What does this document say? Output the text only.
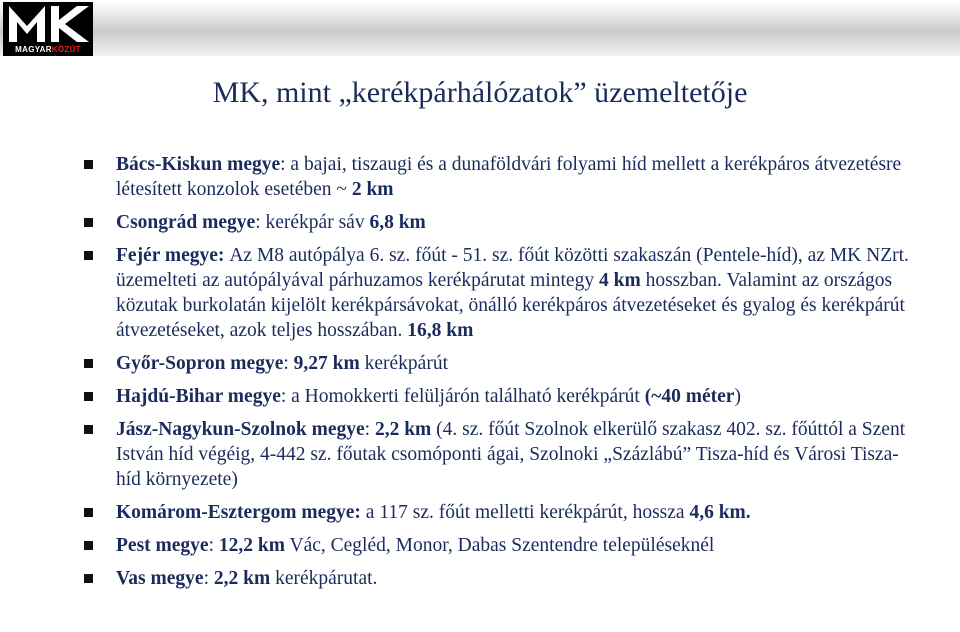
MAGYARKÖZÚT
MK, mint „kerékpárhálózatok” üzemeltetője
Bács-Kiskun megye: a bajai, tiszaugi és a dunaföldvári folyami híd mellett a kerékpáros átvezetésre létesített konzolok esetében ~ 2 km
Csongrád megye: kerékpár sáv 6,8 km
Fejér megye: Az M8 autópálya 6. sz. főút - 51. sz. főút közötti szakaszán (Pentele-híd), az MK NZrt. üzemelteti az autópályával párhuzamos kerékpárutat mintegy 4 km hosszban. Valamint az országos közutak burkolatán kijelölt kerékpársávokat, önálló kerékpáros átvezetéseket és gyalog és kerékpárút átvezetéseket, azok teljes hosszában. 16,8 km
Győr-Sopron megye: 9,27 km kerékpárút
Hajdú-Bihar megye: a Homokkerti felüljárón található kerékpárút (~40 méter)
Jász-Nagykun-Szolnok megye: 2,2 km (4. sz. főút Szolnok elkerülő szakasz 402. sz. főúttól a Szent István híd végéig, 4-442 sz. főutak csomóponti ágai, Szolnoki „Százlábú” Tisza-híd és Városi Tisza-híd környezete)
Komárom-Esztergom megye: a 117 sz. főút melletti kerékpárút, hossza 4,6 km.
Pest megye: 12,2 km Vác, Cegléd, Monor, Dabas Szentendre településeknél
Vas megye: 2,2 km kerékpárutat.
